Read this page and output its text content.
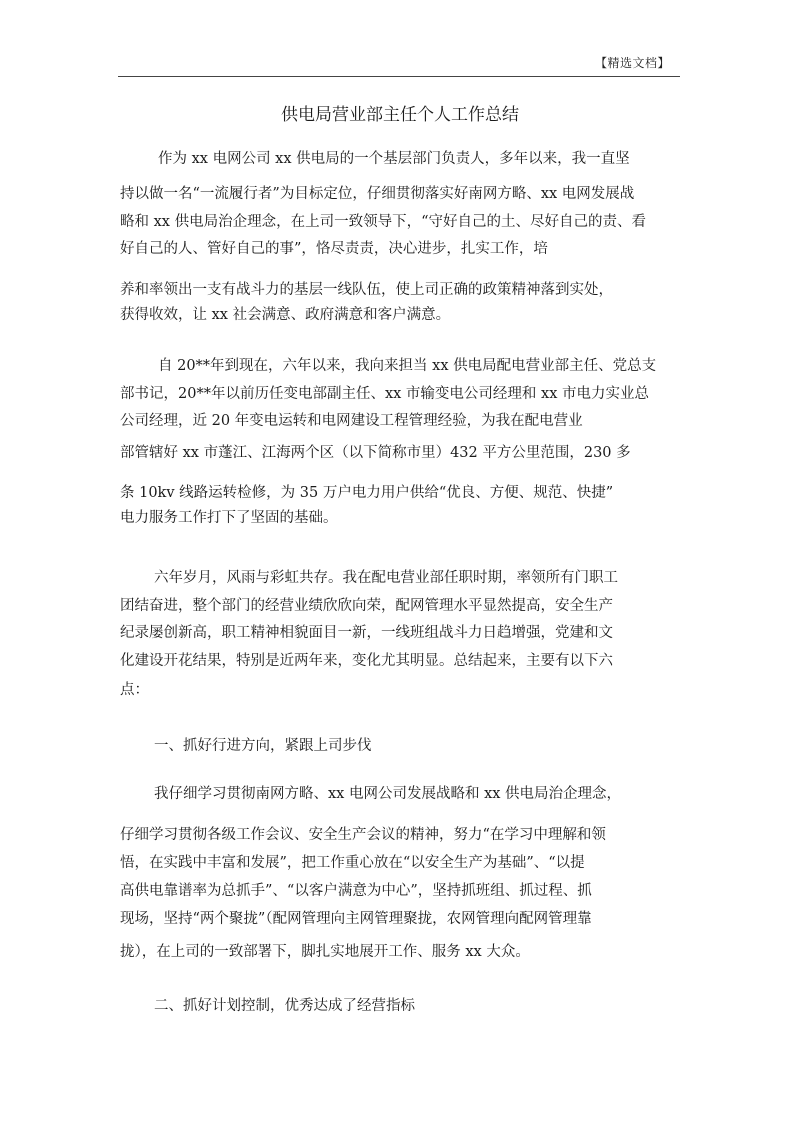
【精选文档】
供电局营业部主任个人工作总结
作为 xx 电网公司 xx 供电局的一个基层部门负责人，多年以来，我一直坚
持以做一名“一流履行者”为目标定位，仔细贯彻落实好南网方略、xx 电网发展战
略和 xx 供电局治企理念，在上司一致领导下，“守好自己的土、尽好自己的责、看
好自己的人、管好自己的事”，恪尽责责，决心进步，扎实工作，培
养和率领出一支有战斗力的基层一线队伍，使上司正确的政策精神落到实处，
获得收效，让 xx 社会满意、政府满意和客户满意。
自 20**年到现在，六年以来，我向来担当 xx 供电局配电营业部主任、党总支
部书记，20**年以前历任变电部副主任、xx 市输变电公司经理和 xx 市电力实业总
公司经理，近 20 年变电运转和电网建设工程管理经验，为我在配电营业
部管辖好 xx 市蓬江、江海两个区（以下简称市里）432 平方公里范围，230 多
条 10kv 线路运转检修，为 35 万户电力用户供给“优良、方便、规范、快捷”
电力服务工作打下了坚固的基础。
六年岁月，风雨与彩虹共存。我在配电营业部任职时期，率领所有门职工
团结奋进，整个部门的经营业绩欣欣向荣，配网管理水平显然提高，安全生产
纪录屡创新高，职工精神相貌面目一新，一线班组战斗力日趋增强，党建和文
化建设开花结果，特别是近两年来，变化尤其明显。总结起来，主要有以下六
点：
一、抓好行进方向，紧跟上司步伐
我仔细学习贯彻南网方略、xx 电网公司发展战略和 xx 供电局治企理念，
仔细学习贯彻各级工作会议、安全生产会议的精神，努力“在学习中理解和领
悟，在实践中丰富和发展”，把工作重心放在“以安全生产为基础”、“以提
高供电靠谱率为总抓手”、“以客户满意为中心”，坚持抓班组、抓过程、抓
现场，坚持“两个聚拢”（配网管理向主网管理聚拢，农网管理向配网管理靠
拢），在上司的一致部署下，脚扎实地展开工作、服务 xx 大众。
二、抓好计划控制，优秀达成了经营指标
